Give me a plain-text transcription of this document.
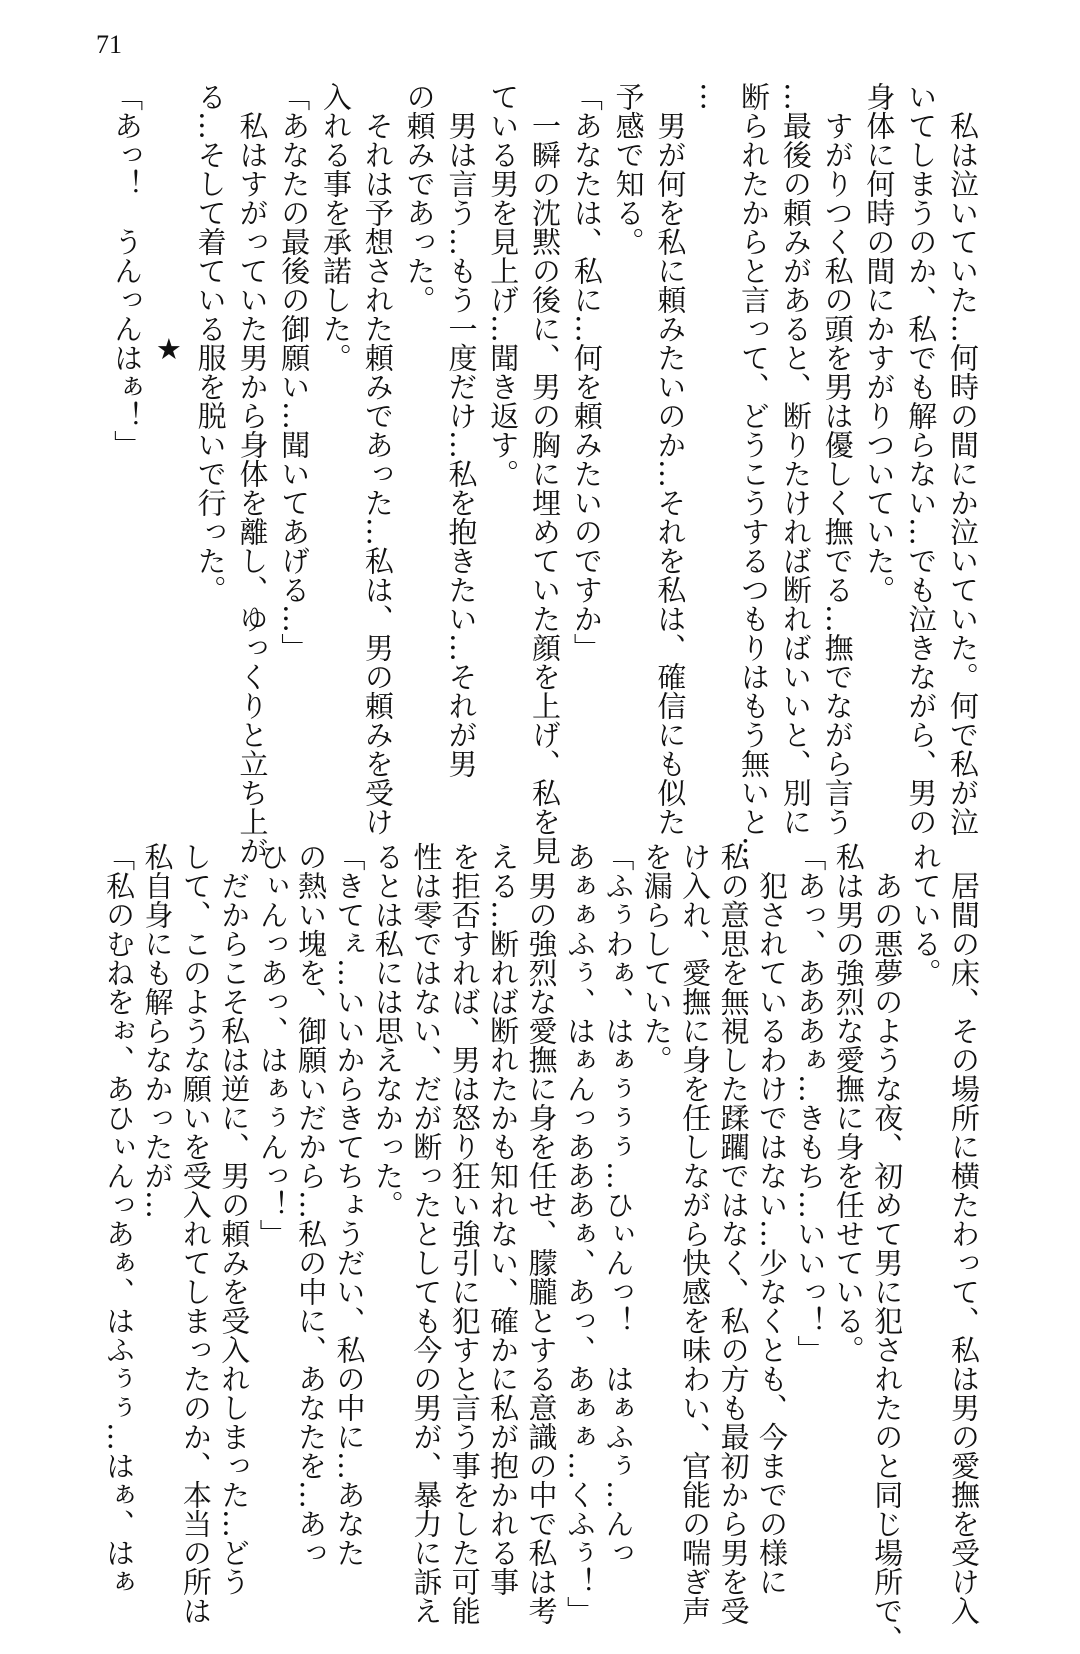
71
　私は泣いていた…何時の間にか泣いていた。何で私が泣
いてしまうのか、私でも解らない…でも泣きながら、男の
身体に何時の間にかすがりついていた。
　すがりつく私の頭を男は優しく撫でる…撫でながら言う
…最後の頼みがあると、断りたければ断ればいいと、別に
断られたからと言って、どうこうするつもりはもう無いと…
…
　男が何を私に頼みたいのか…それを私は、確信にも似た
予感で知る。
「あなたは、私に…何を頼みたいのですか」
　一瞬の沈黙の後に、男の胸に埋めていた顔を上げ、私を見
ている男を見上げ…聞き返す。
　男は言う…もう一度だけ…私を抱きたい…それが男
の頼みであった。
　それは予想された頼みであった…私は、男の頼みを受け
入れる事を承諾した。
「あなたの最後の御願い…聞いてあげる…」
　私はすがっていた男から身体を離し、ゆっくりと立ち上が
る…そして着ている服を脱いで行った。
★
「あっ！　うんっんはぁ！」
　居間の床、その場所に横たわって、私は男の愛撫を受け入
れている。
　あの悪夢のような夜、初めて男に犯されたのと同じ場所で、
私は男の強烈な愛撫に身を任せている。
「あっ、あああぁ…きもち…いいっ！」
　犯されているわけではない…少なくとも、今までの様に
私の意思を無視した蹂躙ではなく、私の方も最初から男を受
け入れ、愛撫に身を任しながら快感を味わい、官能の喘ぎ声
を漏らしていた。
「ふぅわぁ、はぁぅぅぅ…ひぃんっ！　はぁふぅ…んっ
あぁぁふぅ、はぁんっあああぁ、あっ、あぁぁ…くふぅ！」
　男の強烈な愛撫に身を任せ、朦朧とする意識の中で私は考
える…断れば断れたかも知れない、確かに私が抱かれる事
を拒否すれば、男は怒り狂い強引に犯すと言う事をした可能
性は零ではない、だが断ったとしても今の男が、暴力に訴え
るとは私には思えなかった。
「きてぇ…いいからきてちょうだい、私の中に…あなた
の熱い塊を、御願いだから…私の中に、あなたを…あっ
ひぃんっあっ、はぁぅんっ！」
　だからこそ私は逆に、男の頼みを受入れしまった…どう
して、このような願いを受入れてしまったのか、本当の所は
私自身にも解らなかったが…
「私のむねをぉ、あひぃんっあぁ、はふぅぅ…はぁ、はぁ
